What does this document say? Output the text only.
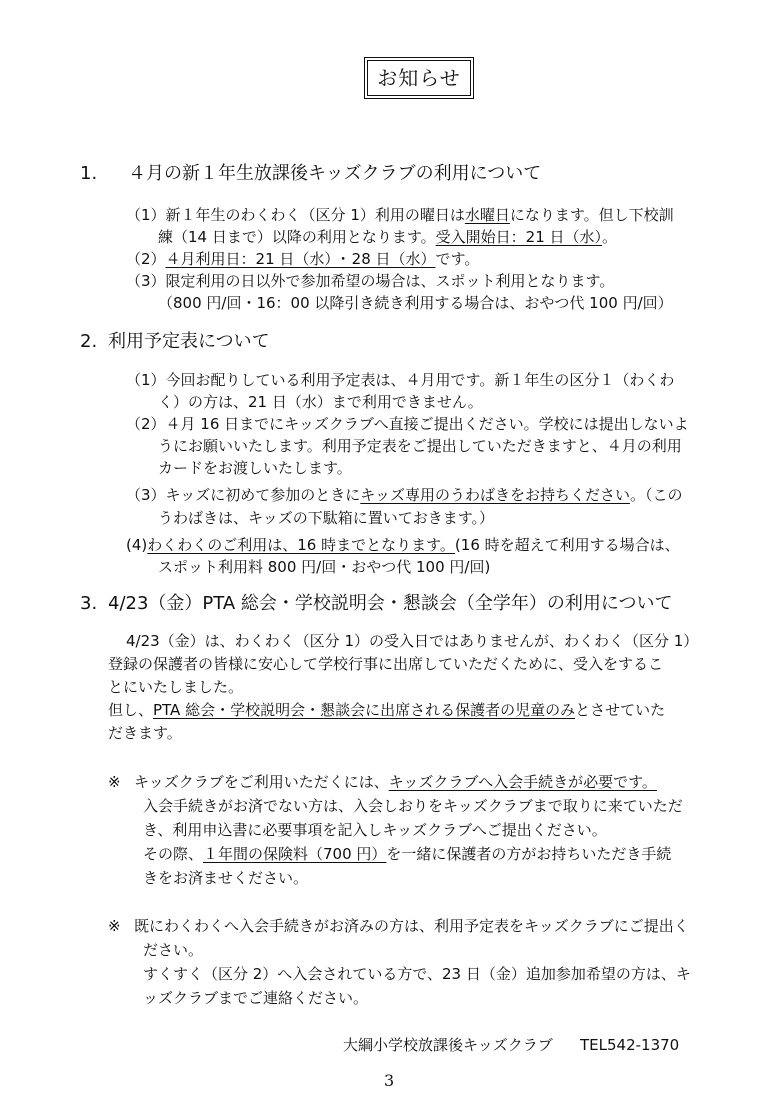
お知らせ
1. ４月の新１年生放課後キッズクラブの利用について
（1）新１年生のわくわく（区分 1）利用の曜日は水曜日になります。但し下校訓
練（14 日まで）以降の利用となります。受入開始日：21 日（水）。
（2）４月利用日：21 日（水）･ 28 日（水）です。
（3）限定利用の日以外で参加希望の場合は、スポット利用となります。
（800 円/回・16：00 以降引き続き利用する場合は、おやつ代 100 円/回）
2. 利用予定表について
（1）今回お配りしている利用予定表は、４月用です。新１年生の区分１（わくわ
く）の方は、21 日（水）まで利用できません。
（2）４月 16 日までにキッズクラブへ直接ご提出ください。学校には提出しないよ
うにお願いいたします。利用予定表をご提出していただきますと、４月の利用
カードをお渡しいたします。
（3）キッズに初めて参加のときにキッズ専用のうわばきをお持ちください。（この
うわばきは、キッズの下駄箱に置いておきます。）
(4)わくわくのご利用は、16 時までとなります。(16 時を超えて利用する場合は、
スポット利用料 800 円/回・おやつ代 100 円/回)
3. 4/23（金）PTA 総会・学校説明会・懇談会（全学年）の利用について
4/23（金）は、わくわく（区分 1）の受入日ではありませんが、わくわく（区分 1）
登録の保護者の皆様に安心して学校行事に出席していただくために、受入をするこ
とにいたしました。
但し、PTA 総会・学校説明会・懇談会に出席される保護者の児童のみとさせていた
だきます。
※ キッズクラブをご利用いただくには、キッズクラブへ入会手続きが必要です。
入会手続きがお済でない方は、入会しおりをキッズクラブまで取りに来ていただ
き、利用申込書に必要事項を記入しキッズクラブへご提出ください。
その際、１年間の保険料（700 円）を一緒に保護者の方がお持ちいただき手続
きをお済ませください。
※ 既にわくわくへ入会手続きがお済みの方は、利用予定表をキッズクラブにご提出く
ださい。
すくすく（区分 2）へ入会されている方で、23 日（金）追加参加希望の方は、キ
ッズクラブまでご連絡ください。
大綱小学校放課後キッズクラブ TEL542-1370
3
